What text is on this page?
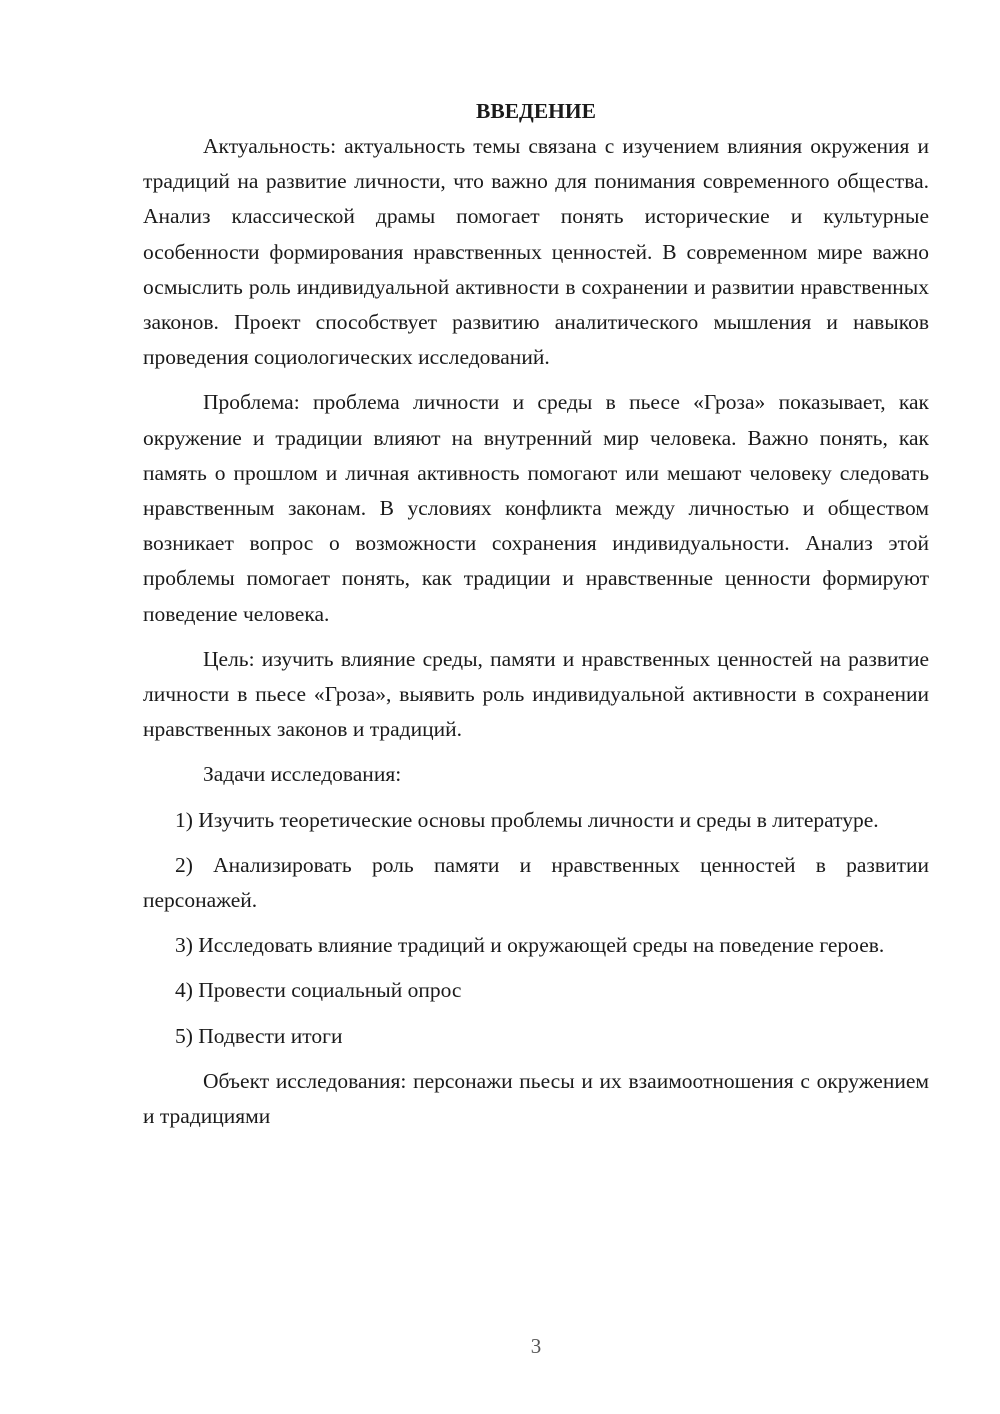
ВВЕДЕНИЕ

Актуальность: актуальность темы связана с изучением влияния окружения и традиций на развитие личности, что важно для понимания современного общества. Анализ классической драмы помогает понять исторические и культурные особенности формирования нравственных ценностей. В современном мире важно осмыслить роль индивидуальной активности в сохранении и развитии нравственных законов. Проект способствует развитию аналитического мышления и навыков проведения социологических исследований.

Проблема: проблема личности и среды в пьесе «Гроза» показывает, как окружение и традиции влияют на внутренний мир человека. Важно понять, как память о прошлом и личная активность помогают или мешают человеку следовать нравственным законам. В условиях конфликта между личностью и обществом возникает вопрос о возможности сохранения индивидуальности. Анализ этой проблемы помогает понять, как традиции и нравственные ценности формируют поведение человека.

Цель: изучить влияние среды, памяти и нравственных ценностей на развитие личности в пьесе «Гроза», выявить роль индивидуальной активности в сохранении нравственных законов и традиций.

Задачи исследования:

1) Изучить теоретические основы проблемы личности и среды в литературе.

2) Анализировать роль памяти и нравственных ценностей в развитии персонажей.

3) Исследовать влияние традиций и окружающей среды на поведение героев.

4) Провести социальный опрос

5) Подвести итоги

Объект исследования: персонажи пьесы и их взаимоотношения с окружением и традициями

3
